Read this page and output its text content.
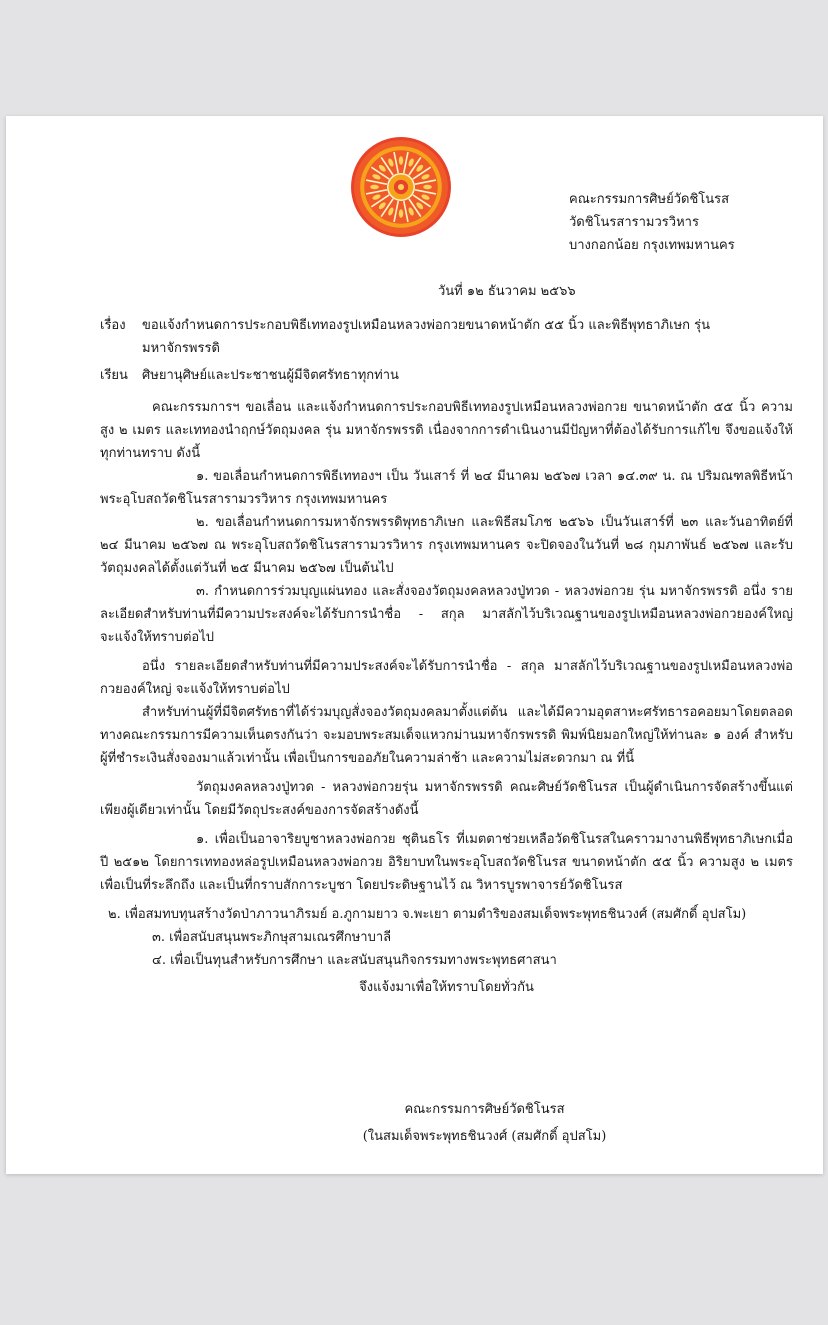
คณะกรรมการศิษย์วัดชิโนรส
วัดชิโนรสารามวรวิหาร
บางกอกน้อย กรุงเทพมหานคร
วันที่ ๑๒ ธันวาคม ๒๕๖๖
เรื่อง	ขอแจ้งกำหนดการประกอบพิธีเททองรูปเหมือนหลวงพ่อกวยขนาดหน้าตัก ๕๕ นิ้ว และพิธีพุทธาภิเษก รุ่น
มหาจักรพรรดิ
เรียน	ศิษยานุศิษย์และประชาชนผู้มีจิตศรัทธาทุกท่าน

คณะกรรมการฯ ขอเลื่อน และแจ้งกำหนดการประกอบพิธีเททองรูปเหมือนหลวงพ่อกวย ขนาดหน้าตัก ๕๕ นิ้ว ความสูง ๒ เมตร และเททองนำฤกษ์วัตถุมงคล รุ่น มหาจักรพรรดิ เนื่องจากการดำเนินงานมีปัญหาที่ต้องได้รับการแก้ไข จึงขอแจ้งให้ทุกท่านทราบ ดังนี้

๑. ขอเลื่อนกำหนดการพิธีเททองฯ เป็น วันเสาร์ ที่ ๒๔ มีนาคม ๒๕๖๗ เวลา ๑๔.๓๙ น. ณ ปริมณฑลพิธีหน้าพระอุโบสถวัดชิโนรสารามวรวิหาร กรุงเทพมหานคร

๒. ขอเลื่อนกำหนดการมหาจักรพรรดิพุทธาภิเษก และพิธีสมโภช ๒๕๖๖ เป็นวันเสาร์ที่ ๒๓ และวันอาทิตย์ที่ ๒๔ มีนาคม ๒๕๖๗ ณ พระอุโบสถวัดชิโนรสารามวรวิหาร กรุงเทพมหานคร จะปิดจองในวันที่ ๒๘ กุมภาพันธ์ ๒๕๖๗ และรับวัตถุมงคลได้ตั้งแต่วันที่ ๒๕ มีนาคม ๒๕๖๗ เป็นต้นไป

๓. กำหนดการร่วมบุญแผ่นทอง และสั่งจองวัตถุมงคลหลวงปู่ทวด - หลวงพ่อกวย รุ่น มหาจักรพรรดิ อนึ่ง รายละเอียดสำหรับท่านที่มีความประสงค์จะได้รับการนำชื่อ - สกุล มาสลักไว้บริเวณฐานของรูปเหมือนหลวงพ่อกวยองค์ใหญ่ จะแจ้งให้ทราบต่อไป

อนึ่ง รายละเอียดสำหรับท่านที่มีความประสงค์จะได้รับการนำชื่อ - สกุล มาสลักไว้บริเวณฐานของรูปเหมือนหลวงพ่อกวยองค์ใหญ่ จะแจ้งให้ทราบต่อไป

สำหรับท่านผู้ที่มีจิตศรัทธาที่ได้ร่วมบุญสั่งจองวัตถุมงคลมาตั้งแต่ต้น และได้มีความอุตสาหะศรัทธารอคอยมาโดยตลอดทางคณะกรรมการมีความเห็นตรงกันว่า จะมอบพระสมเด็จแหวกม่านมหาจักรพรรดิ พิมพ์นิยมอกใหญ่ให้ท่านละ ๑ องค์ สำหรับผู้ที่ชำระเงินสั่งจองมาแล้วเท่านั้น เพื่อเป็นการขออภัยในความล่าช้า และความไม่สะดวกมา ณ ที่นี้

วัตถุมงคลหลวงปู่ทวด - หลวงพ่อกวยรุ่น มหาจักรพรรดิ คณะศิษย์วัดชิโนรส เป็นผู้ดำเนินการจัดสร้างขึ้นแต่เพียงผู้เดียวเท่านั้น โดยมีวัตถุประสงค์ของการจัดสร้างดังนี้

๑. เพื่อเป็นอาจาริยบูชาหลวงพ่อกวย ชุตินธโร ที่เมตตาช่วยเหลือวัดชิโนรสในคราวมางานพิธีพุทธาภิเษกเมื่อปี ๒๕๑๒ โดยการเททองหล่อรูปเหมือนหลวงพ่อกวย อิริยาบทในพระอุโบสถวัดชิโนรส ขนาดหน้าตัก ๕๕ นิ้ว ความสูง ๒ เมตร เพื่อเป็นที่ระลึกถึง และเป็นที่กราบสักการะบูชา โดยประดิษฐานไว้ ณ วิหารบูรพาจารย์วัดชิโนรส

๒. เพื่อสมทบทุนสร้างวัดป่าภาวนาภิรมย์ อ.ภูกามยาว จ.พะเยา ตามดำริของสมเด็จพระพุทธชินวงศ์ (สมศักดิ์ อุปสโม)

๓. เพื่อสนับสนุนพระภิกษุสามเณรศึกษาบาลี

๔. เพื่อเป็นทุนสำหรับการศึกษา และสนับสนุนกิจกรรมทางพระพุทธศาสนา

จึงแจ้งมาเพื่อให้ทราบโดยทั่วกัน

คณะกรรมการศิษย์วัดชิโนรส
(ในสมเด็จพระพุทธชินวงศ์ (สมศักดิ์ อุปสโม)
